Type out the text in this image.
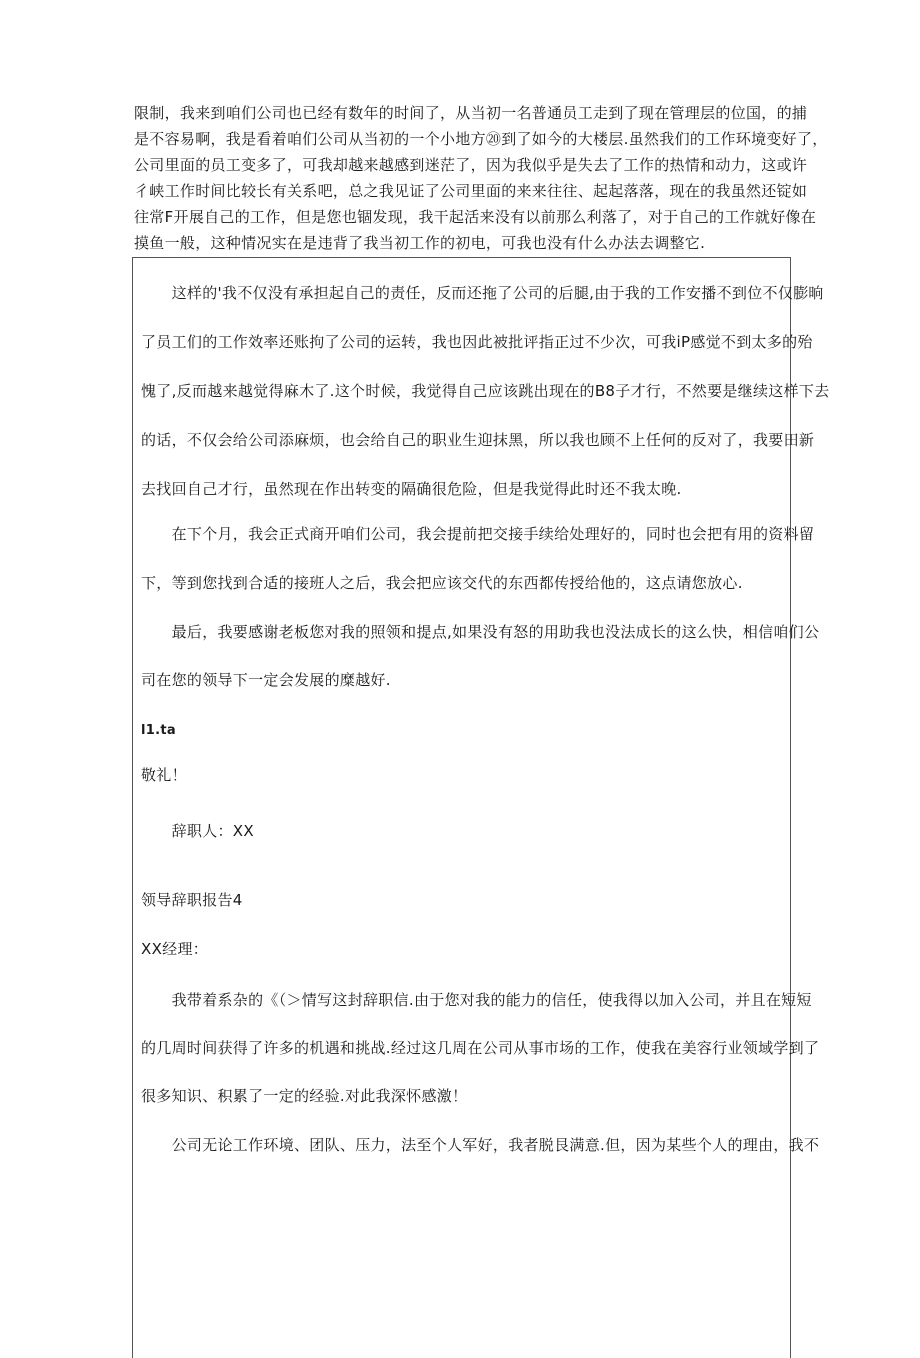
限制，我来到咱们公司也已经有数年的时间了，从当初一名普通员工走到了现在管理层的位国，的捕
是不容易啊，我是看着咱们公司从当初的一个小地方⑳到了如今的大楼层.虽然我们的工作环境变好了，
公司里面的员工变多了，可我却越来越感到迷茫了，因为我似乎是失去了工作的热情和动力，这或许
彳峡工作时间比较长有关系吧，总之我见证了公司里面的来来往往、起起落落，现在的我虽然还锭如
往常F开展自己的工作，但是您也锢发现，我干起活来没有以前那么利落了，对于自己的工作就好像在
摸鱼一般，这种情况实在是违背了我当初工作的初电，可我也没有什么办法去调整它.
　　这样的'我不仅没有承担起自己的责任，反而还拖了公司的后腿,由于我的工作安播不到位不仅膨晌
了员工们的工作效率还账拘了公司的运转，我也因此被批评指正过不少次，可我iP感觉不到太多的殆
愧了,反而越来越觉得麻木了.这个时候，我觉得自己应该跳出现在的B8子才行，不然要是继续这样下去
的话，不仅会给公司添麻烦，也会给自己的职业生迎抹黑，所以我也顾不上任何的反对了，我要田新
去找回自己才行，虽然现在作出转变的隔确很危险，但是我觉得此时还不我太晚.
　　在下个月，我会正式商开咱们公司，我会提前把交接手续给处理好的，同时也会把有用的资料留
下，等到您找到合适的接班人之后，我会把应该交代的东西都传授给他的，这点请您放心.
　　最后，我要感谢老板您对我的照领和提点,如果没有怒的用助我也没法成长的这么快，相信咱们公
司在您的领导下一定会发展的糜越好.
l1.ta
敬礼！
　　辞职人：XX
领导辞职报告4
XX经理：
　　我带着系杂的《（＞情写这封辞职信.由于您对我的能力的信任，使我得以加入公司，并且在短短
的几周时间获得了许多的机遇和挑战.经过这几周在公司从事市场的工作，使我在美容行业领域学到了
很多知识、积累了一定的经验.对此我深怀感激！
　　公司无论工作环境、团队、压力，法至个人军好，我者脱艮满意.但，因为某些个人的理由，我不
